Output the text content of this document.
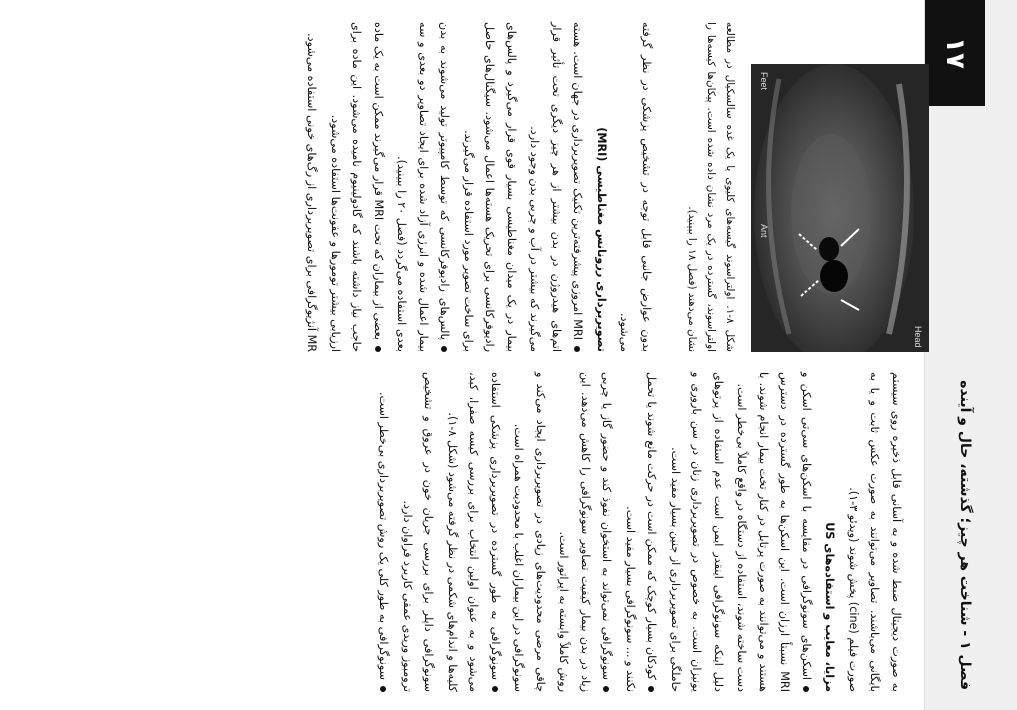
۱۷
فصل ۱ - شناخت هر چیز؛ گذشته، حال و آینده

به صورت دیجیتال ضبط شده و به آسانی قابل ذخیره روی سیستم بایگانی می‌باشند. تصاویر می‌توانند به صورت عکس ثابت و یا به صورت فیلم (cine) پخش شوند (ویدئو ۳-۱).

مزایا، معایب و استفاده‌های US

اسکن‌های سونوگرافی در مقایسه با اسکن‌های سی‌تی اسکن و MRI نسبتاً ارزان است. این اسکن‌ها به طور گسترده در دسترس هستند و می‌توانند به صورت پرتابل در کنار تخت بیمار انجام شوند. با دست ساخته شوند، استفاده از دستگاه در واقع کاملاً بی‌خطر است.

دلیل اینکه سونوگرافی اینقدر ایمن است عدم استفاده از پرتوهای یونیزان است. به خصوص در تصویربرداری زنان در سن باروری و حاملگی برای تصویربرداری از جنین بسیار مفید است.

کودکان بسیار کوچک که ممکن است در حرکت مانع شوند یا تحمل نکنند و ... سونوگرافی بسیار مفید است.

سونوگرافی نمی‌تواند به استخوان نفوذ کند و حضور گاز یا چربی زیاد در بدن بیمار کیفیت تصاویر سونوگرافی را کاهش می‌دهد. این روش کاملاً وابسته به اپراتور است.

چاقی مرضی محدودیت‌های زیادی در تصویربرداری ایجاد می‌کند و سونوگرافی در این بیماران اغلب با محدودیت همراه است.

سونوگرافی به طور گسترده در تصویربرداری پزشکی استفاده می‌شود و به عنوان اولین انتخاب برای بررسی کیسه صفرا، کبد، کلیه‌ها و اندام‌های شکمی در نظر گرفته می‌شود (شکل ۸-۱).

سونوگرافی داپلر برای بررسی جریان خون در عروق و تشخیص ترومبوز وریدی عمقی کاربرد فراوان دارد.

سونوگرافی به طور کلی یک روش تصویربرداری بی‌خطر است.

Head
Ant
Feet
شکل ۸-۱. اولتراسوند گیسه‌های کلیوی یا یک غده سالسکیال در مطالعه اولتراسوند، گسترده در یک مرد نشان داده شده است. پیکان‌ها کیسه‌ها را نشان می‌دهند (فصل ۱۸ را ببینید).

بدون عوارض جانبی قابل توجه در تشخیص پزشکی در نظر گرفته می‌شود.

تصویربرداری رزونانس مغناطیسی (MRI)

MRI امروزی پیشرفته‌ترین تکنیک تصویربرداری در جهان است. هسته اتم‌های هیدروژن در بدن بیشتر از هر چیز دیگری تحت تأثیر قرار می‌گیرند که بیشتر در آب و چربی بدن وجود دارد.

بیمار در یک میدان مغناطیسی بسیار قوی قرار می‌گیرد و پالس‌های رادیوفرکانسی برای تحریک هسته‌ها اعمال می‌شود. سیگنال‌های حاصل برای ساخت تصویر مورد استفاده قرار می‌گیرند.

پالس‌های رادیوفرکانسی که توسط کامپیوتر تولید می‌شوند به بدن بیمار اعمال شده و انرژی آزاد شده برای ایجاد تصاویر دو بعدی و سه بعدی استفاده می‌گردد (فصل ۲۰ را ببینید).

بعضی از بیماران که تحت MRI قرار می‌گیرند ممکن است به یک ماده حاجب نیاز داشته باشند که گادولینیوم نامیده می‌شود. این ماده برای ارزیابی بیشتر تومورها و عفونت‌ها استفاده می‌شود.

MR آنژیوگرافی برای تصویربرداری از رگ‌های خونی استفاده می‌شود.
